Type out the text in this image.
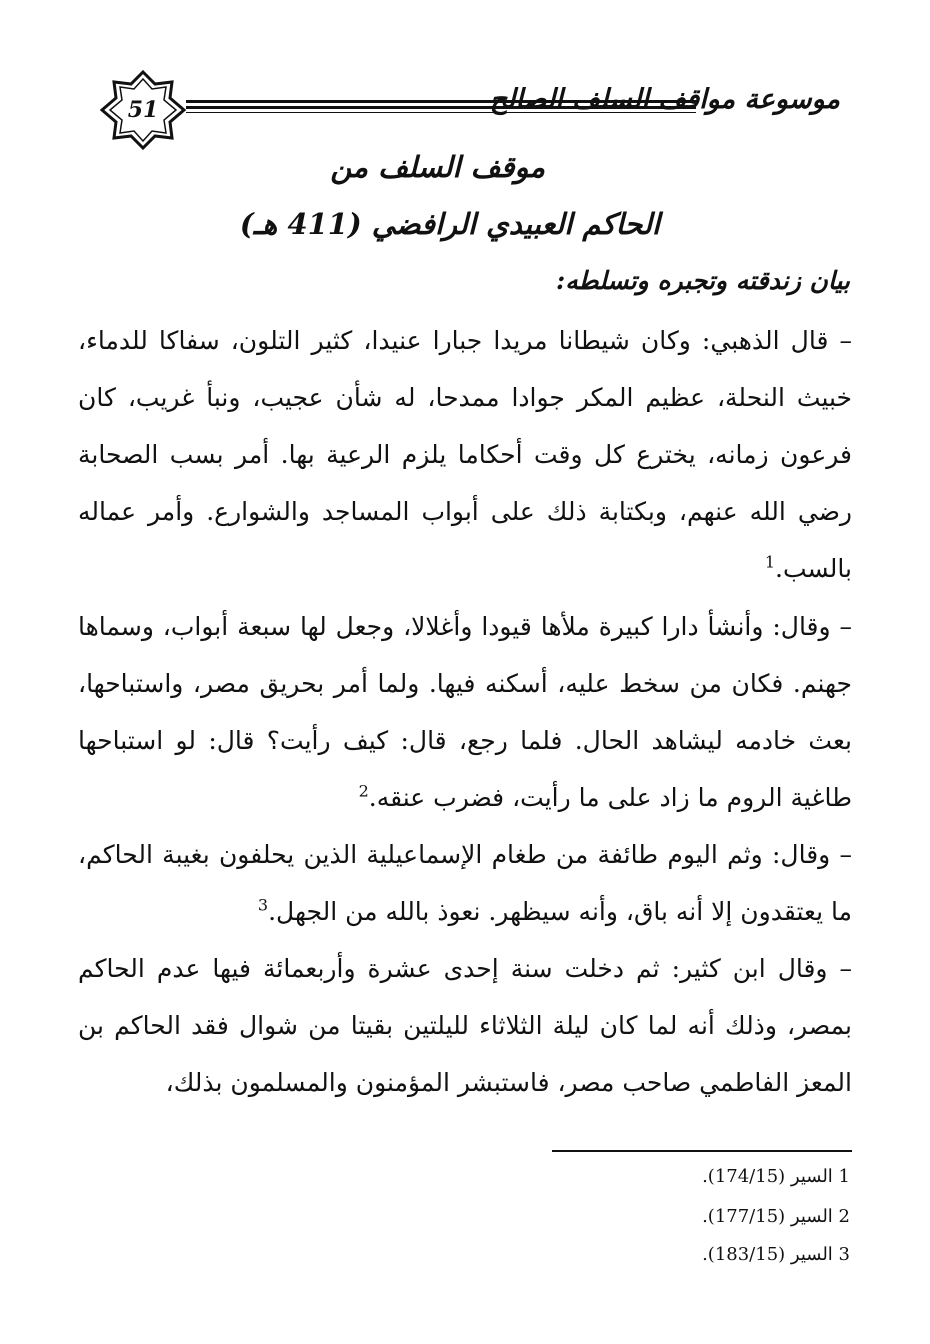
51	موسوعة مواقف السلف الصالح
موقف السلف من
الحاكم العبيدي الرافضي (411 هـ)
بيان زندقته وتجبره وتسلطه:
– قال الذهبي: وكان شيطانا مريدا جبارا عنيدا، كثير التلون، سفاكا للدماء، خبيث النحلة، عظيم المكر جوادا ممدحا، له شأن عجيب، ونبأ غريب، كان فرعون زمانه، يخترع كل وقت أحكاما يلزم الرعية بها. أمر بسب الصحابة رضي الله عنهم، وبكتابة ذلك على أبواب المساجد والشوارع. وأمر عماله بالسب.$^1$
– وقال: وأنشأ دارا كبيرة ملأها قيودا وأغلالا، وجعل لها سبعة أبواب، وسماها جهنم. فكان من سخط عليه، أسكنه فيها. ولما أمر بحريق مصر، واستباحها، بعث خادمه ليشاهد الحال. فلما رجع، قال: كيف رأيت؟ قال: لو استباحها طاغية الروم ما زاد على ما رأيت، فضرب عنقه.$^2$
– وقال: وثم اليوم طائفة من طغام الإسماعيلية الذين يحلفون بغيبة الحاكم، ما يعتقدون إلا أنه باق، وأنه سيظهر. نعوذ بالله من الجهل.$^3$
– وقال ابن كثير: ثم دخلت سنة إحدى عشرة وأربعمائة فيها عدم الحاكم بمصر، وذلك أنه لما كان ليلة الثلاثاء لليلتين بقيتا من شوال فقد الحاكم بن المعز الفاطمي صاحب مصر، فاستبشر المؤمنون والمسلمون بذلك،
1 السير (174/15).
2 السير (177/15).
3 السير (183/15).
